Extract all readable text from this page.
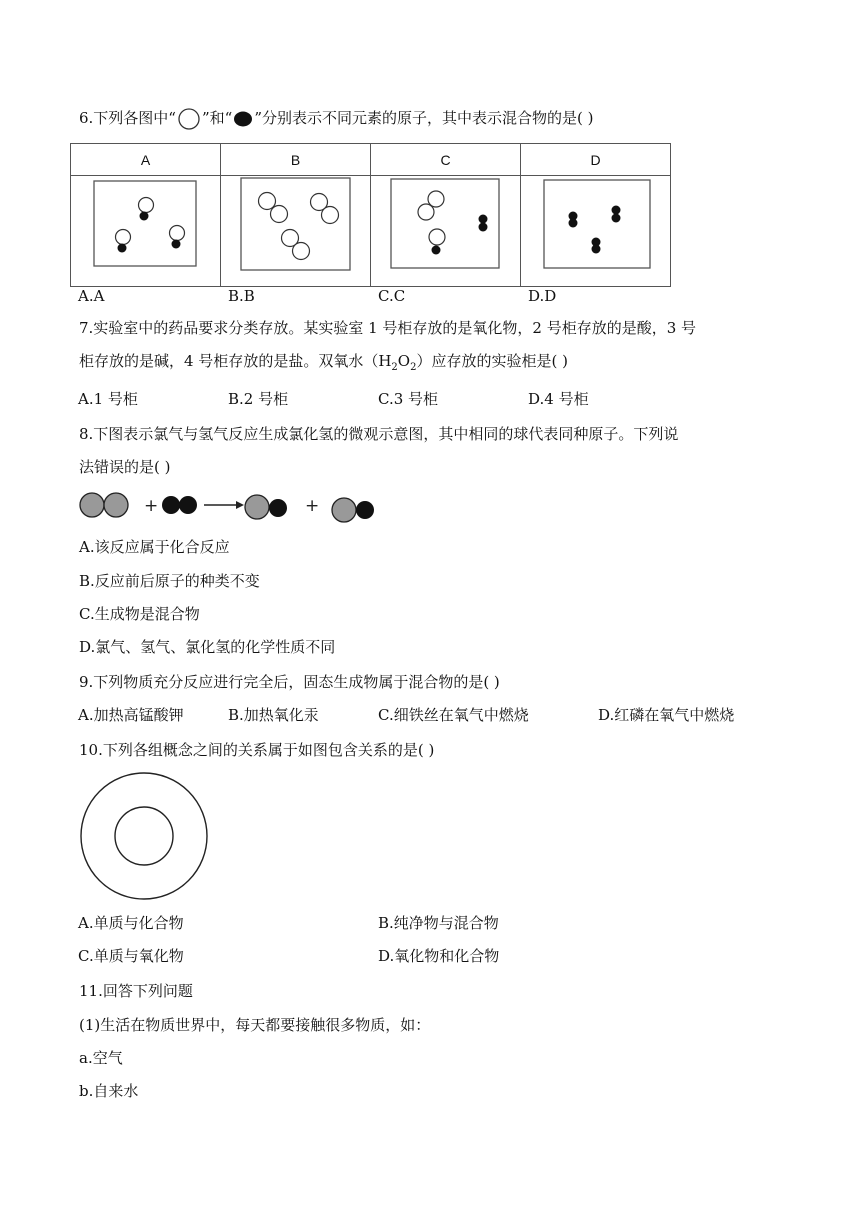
6.下列各图中“ ”和“ ”分别表示不同元素的原子，其中表示混合物的是( )
A	B	C	D

A.A	B.B	C.C	D.D
7.实验室中的药品要求分类存放。某实验室 1 号柜存放的是氧化物，2 号柜存放的是酸，3 号
柜存放的是碱，4 号柜存放的是盐。双氧水$(H_2O_2)$应存放的实验柜是( )
A.1 号柜	B.2 号柜	C.3 号柜	D.4 号柜
8.下图表示氯气与氢气反应生成氯化氢的微观示意图，其中相同的球代表同种原子。下列说
法错误的是( )
+	+
A.该反应属于化合反应
B.反应前后原子的种类不变
C.生成物是混合物
D.氯气、氢气、氯化氢的化学性质不同
9.下列物质充分反应进行完全后，固态生成物属于混合物的是( )
A.加热高锰酸钾	B.加热氧化汞	C.细铁丝在氧气中燃烧	D.红磷在氧气中燃烧
10.下列各组概念之间的关系属于如图包含关系的是( )
A.单质与化合物	B.纯净物与混合物
C.单质与氧化物	D.氧化物和化合物
11.回答下列问题
(1)生活在物质世界中，每天都要接触很多物质，如：
a.空气
b.自来水
